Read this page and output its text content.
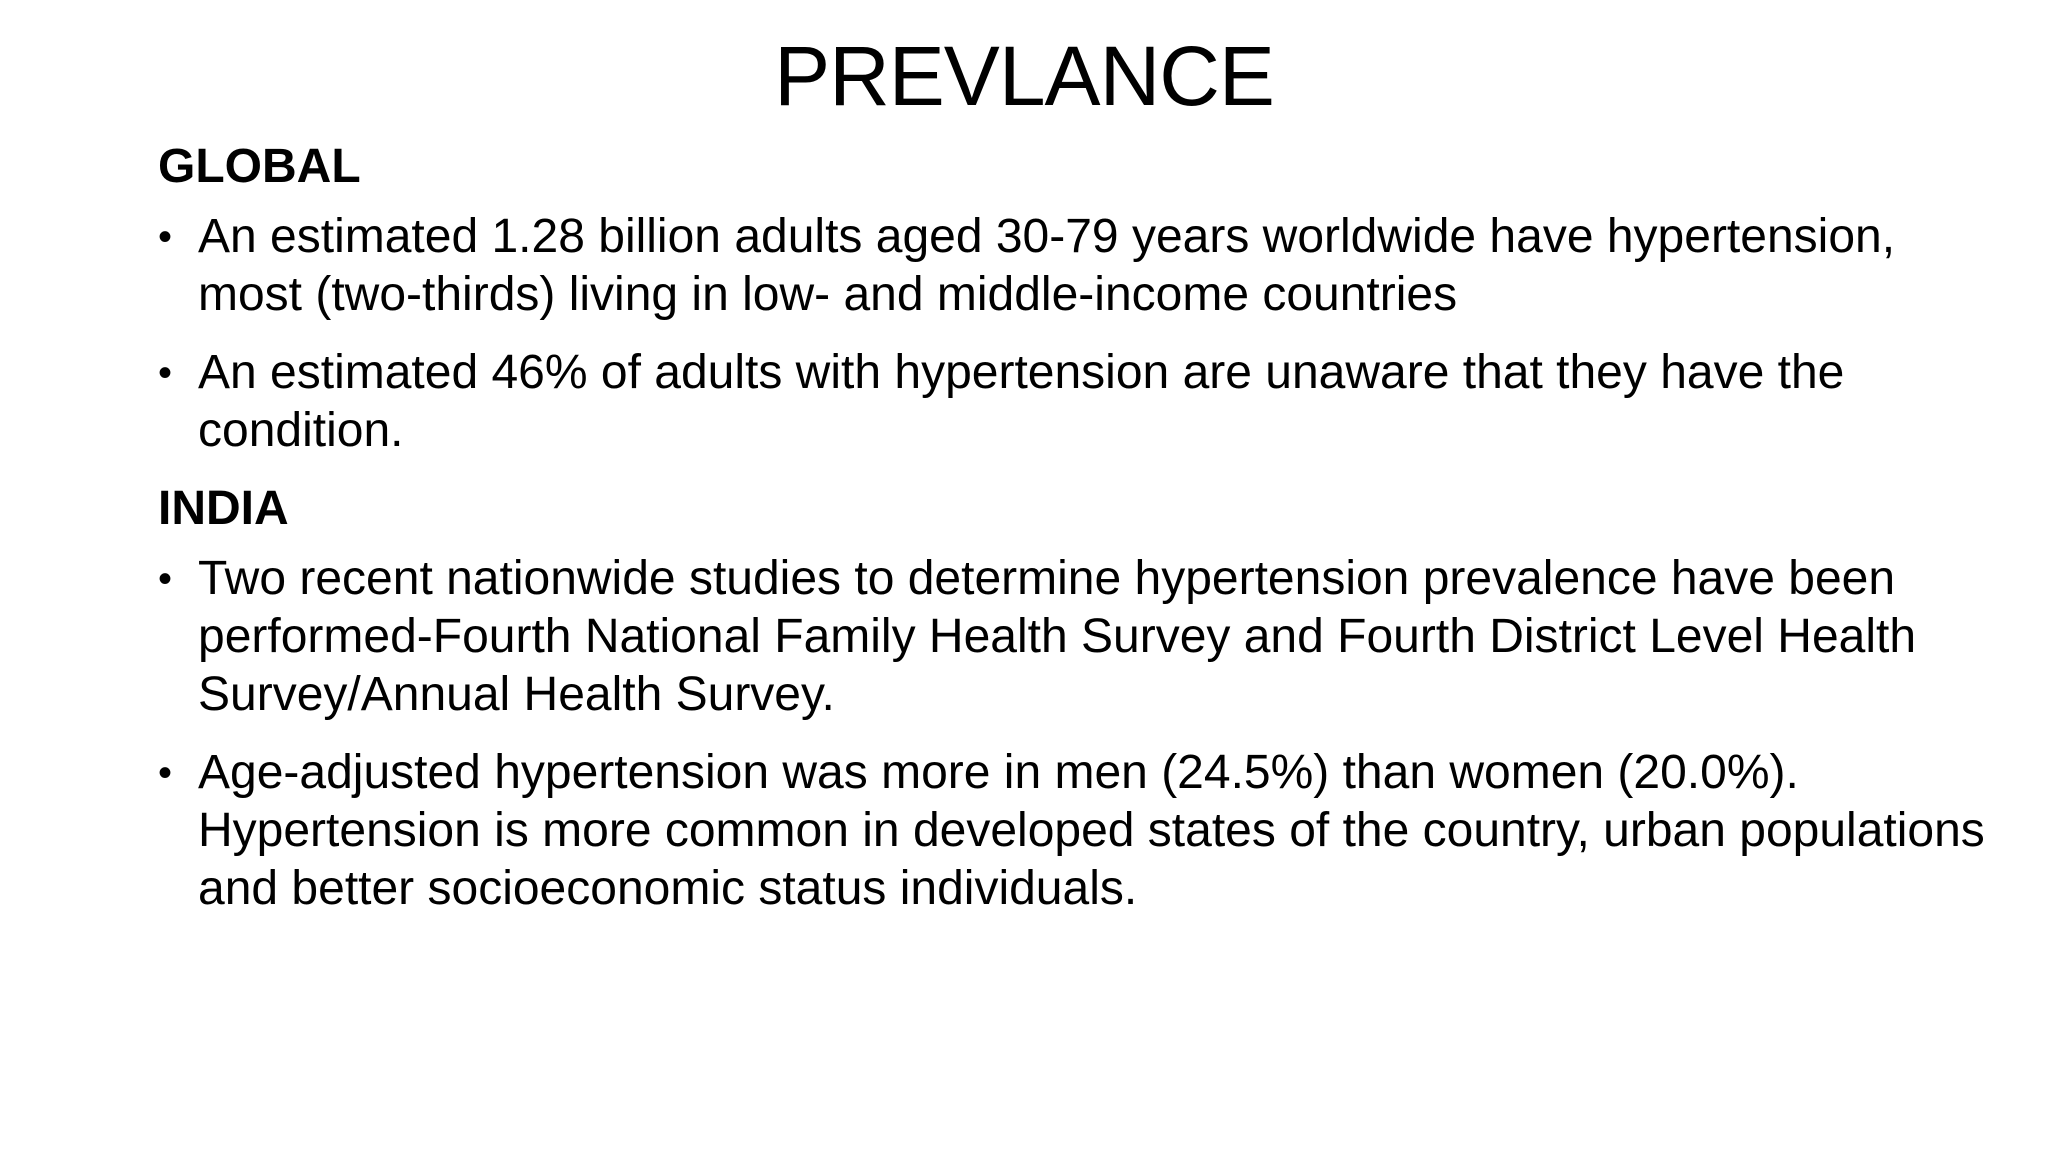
PREVLANCE
GLOBAL
• An estimated 1.28 billion adults aged 30-79 years worldwide have hypertension, most (two-thirds) living in low- and middle-income countries
• An estimated 46% of adults with hypertension are unaware that they have the condition.
INDIA
• Two recent nationwide studies to determine hypertension prevalence have been performed-Fourth National Family Health Survey and Fourth District Level Health Survey/Annual Health Survey.
• Age-adjusted hypertension was more in men (24.5%) than women (20.0%). Hypertension is more common in developed states of the country, urban populations and better socioeconomic status individuals.
